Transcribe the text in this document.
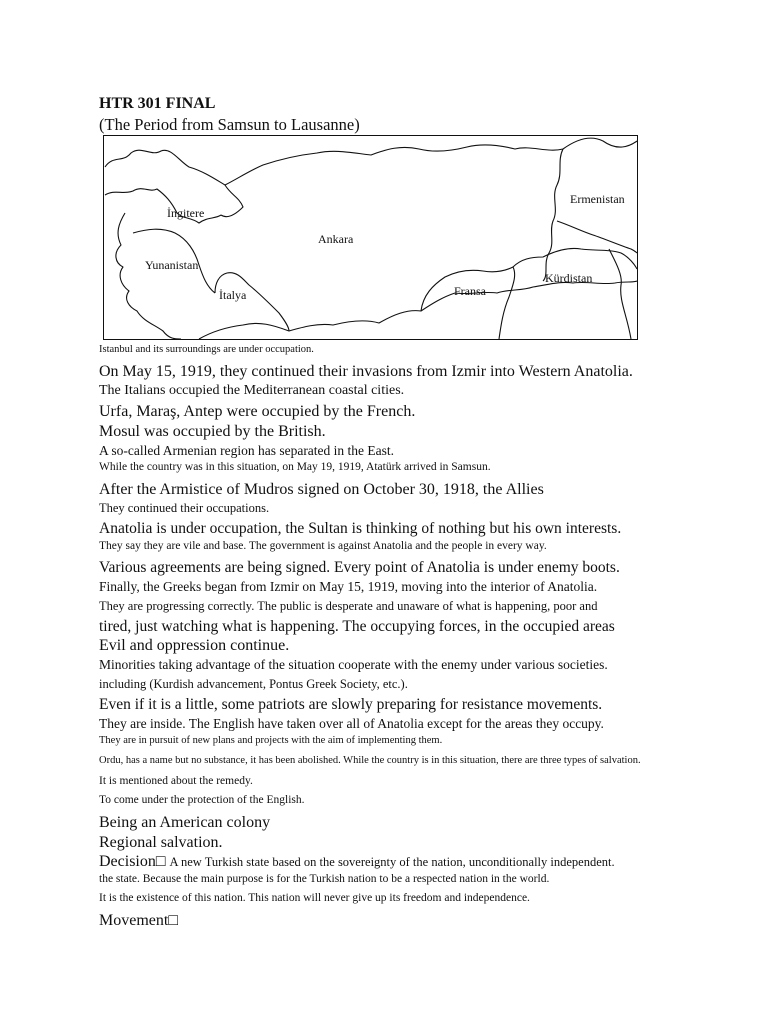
HTR 301 FINAL
(The Period from Samsun to Lausanne)
İngitere
Yunanistan
Ankara
Ermenistan
Kürdistan
Fransa
İtalya
Istanbul and its surroundings are under occupation.
On May 15, 1919, they continued their invasions from Izmir into Western Anatolia.
The Italians occupied the Mediterranean coastal cities.
Urfa, Maraş, Antep were occupied by the French.
Mosul was occupied by the British.
A so-called Armenian region has separated in the East.
While the country was in this situation, on May 19, 1919, Atatürk arrived in Samsun.
After the Armistice of Mudros signed on October 30, 1918, the Allies
They continued their occupations.
Anatolia is under occupation, the Sultan is thinking of nothing but his own interests.
They say they are vile and base. The government is against Anatolia and the people in every way.
Various agreements are being signed. Every point of Anatolia is under enemy boots.
Finally, the Greeks began from Izmir on May 15, 1919, moving into the interior of Anatolia.
They are progressing correctly. The public is desperate and unaware of what is happening, poor and
tired, just watching what is happening. The occupying forces, in the occupied areas
Evil and oppression continue.
Minorities taking advantage of the situation cooperate with the enemy under various societies.
including (Kurdish advancement, Pontus Greek Society, etc.).
Even if it is a little, some patriots are slowly preparing for resistance movements.
They are inside. The English have taken over all of Anatolia except for the areas they occupy.
They are in pursuit of new plans and projects with the aim of implementing them.
Ordu, has a name but no substance, it has been abolished. While the country is in this situation, there are three types of salvation.
It is mentioned about the remedy.
To come under the protection of the English.
Being an American colony
Regional salvation.
Decision□ A new Turkish state based on the sovereignty of the nation, unconditionally independent.
the state. Because the main purpose is for the Turkish nation to be a respected nation in the world.
It is the existence of this nation. This nation will never give up its freedom and independence.
Movement□
